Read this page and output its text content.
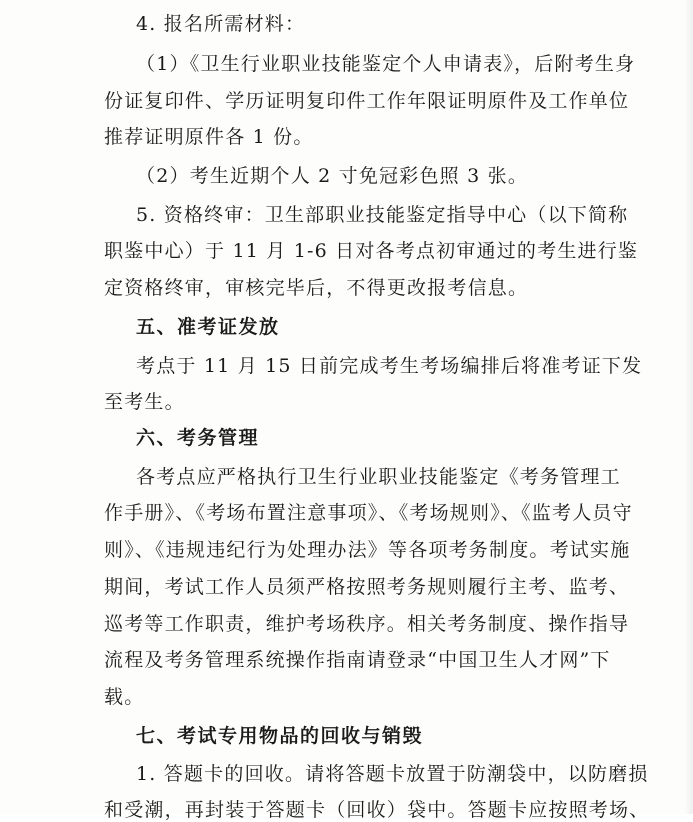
4. 报名所需材料：
（1）《卫生行业职业技能鉴定个人申请表》，后附考生身
份证复印件、学历证明复印件工作年限证明原件及工作单位
推荐证明原件各 1 份。
（2）考生近期个人 2 寸免冠彩色照 3 张。
5. 资格终审：卫生部职业技能鉴定指导中心（以下简称
职鉴中心）于 11 月 1-6 日对各考点初审通过的考生进行鉴
定资格终审，审核完毕后，不得更改报考信息。
五、准考证发放
考点于 11 月 15 日前完成考生考场编排后将准考证下发
至考生。
六、考务管理
各考点应严格执行卫生行业职业技能鉴定《考务管理工
作手册》、《考场布置注意事项》、《考场规则》、《监考人员守
则》、《违规违纪行为处理办法》等各项考务制度。考试实施
期间，考试工作人员须严格按照考务规则履行主考、监考、
巡考等工作职责，维护考场秩序。相关考务制度、操作指导
流程及考务管理系统操作指南请登录“中国卫生人才网”下
载。
七、考试专用物品的回收与销毁
1. 答题卡的回收。请将答题卡放置于防潮袋中，以防磨损
和受潮，再封装于答题卡（回收）袋中。答题卡应按照考场、
